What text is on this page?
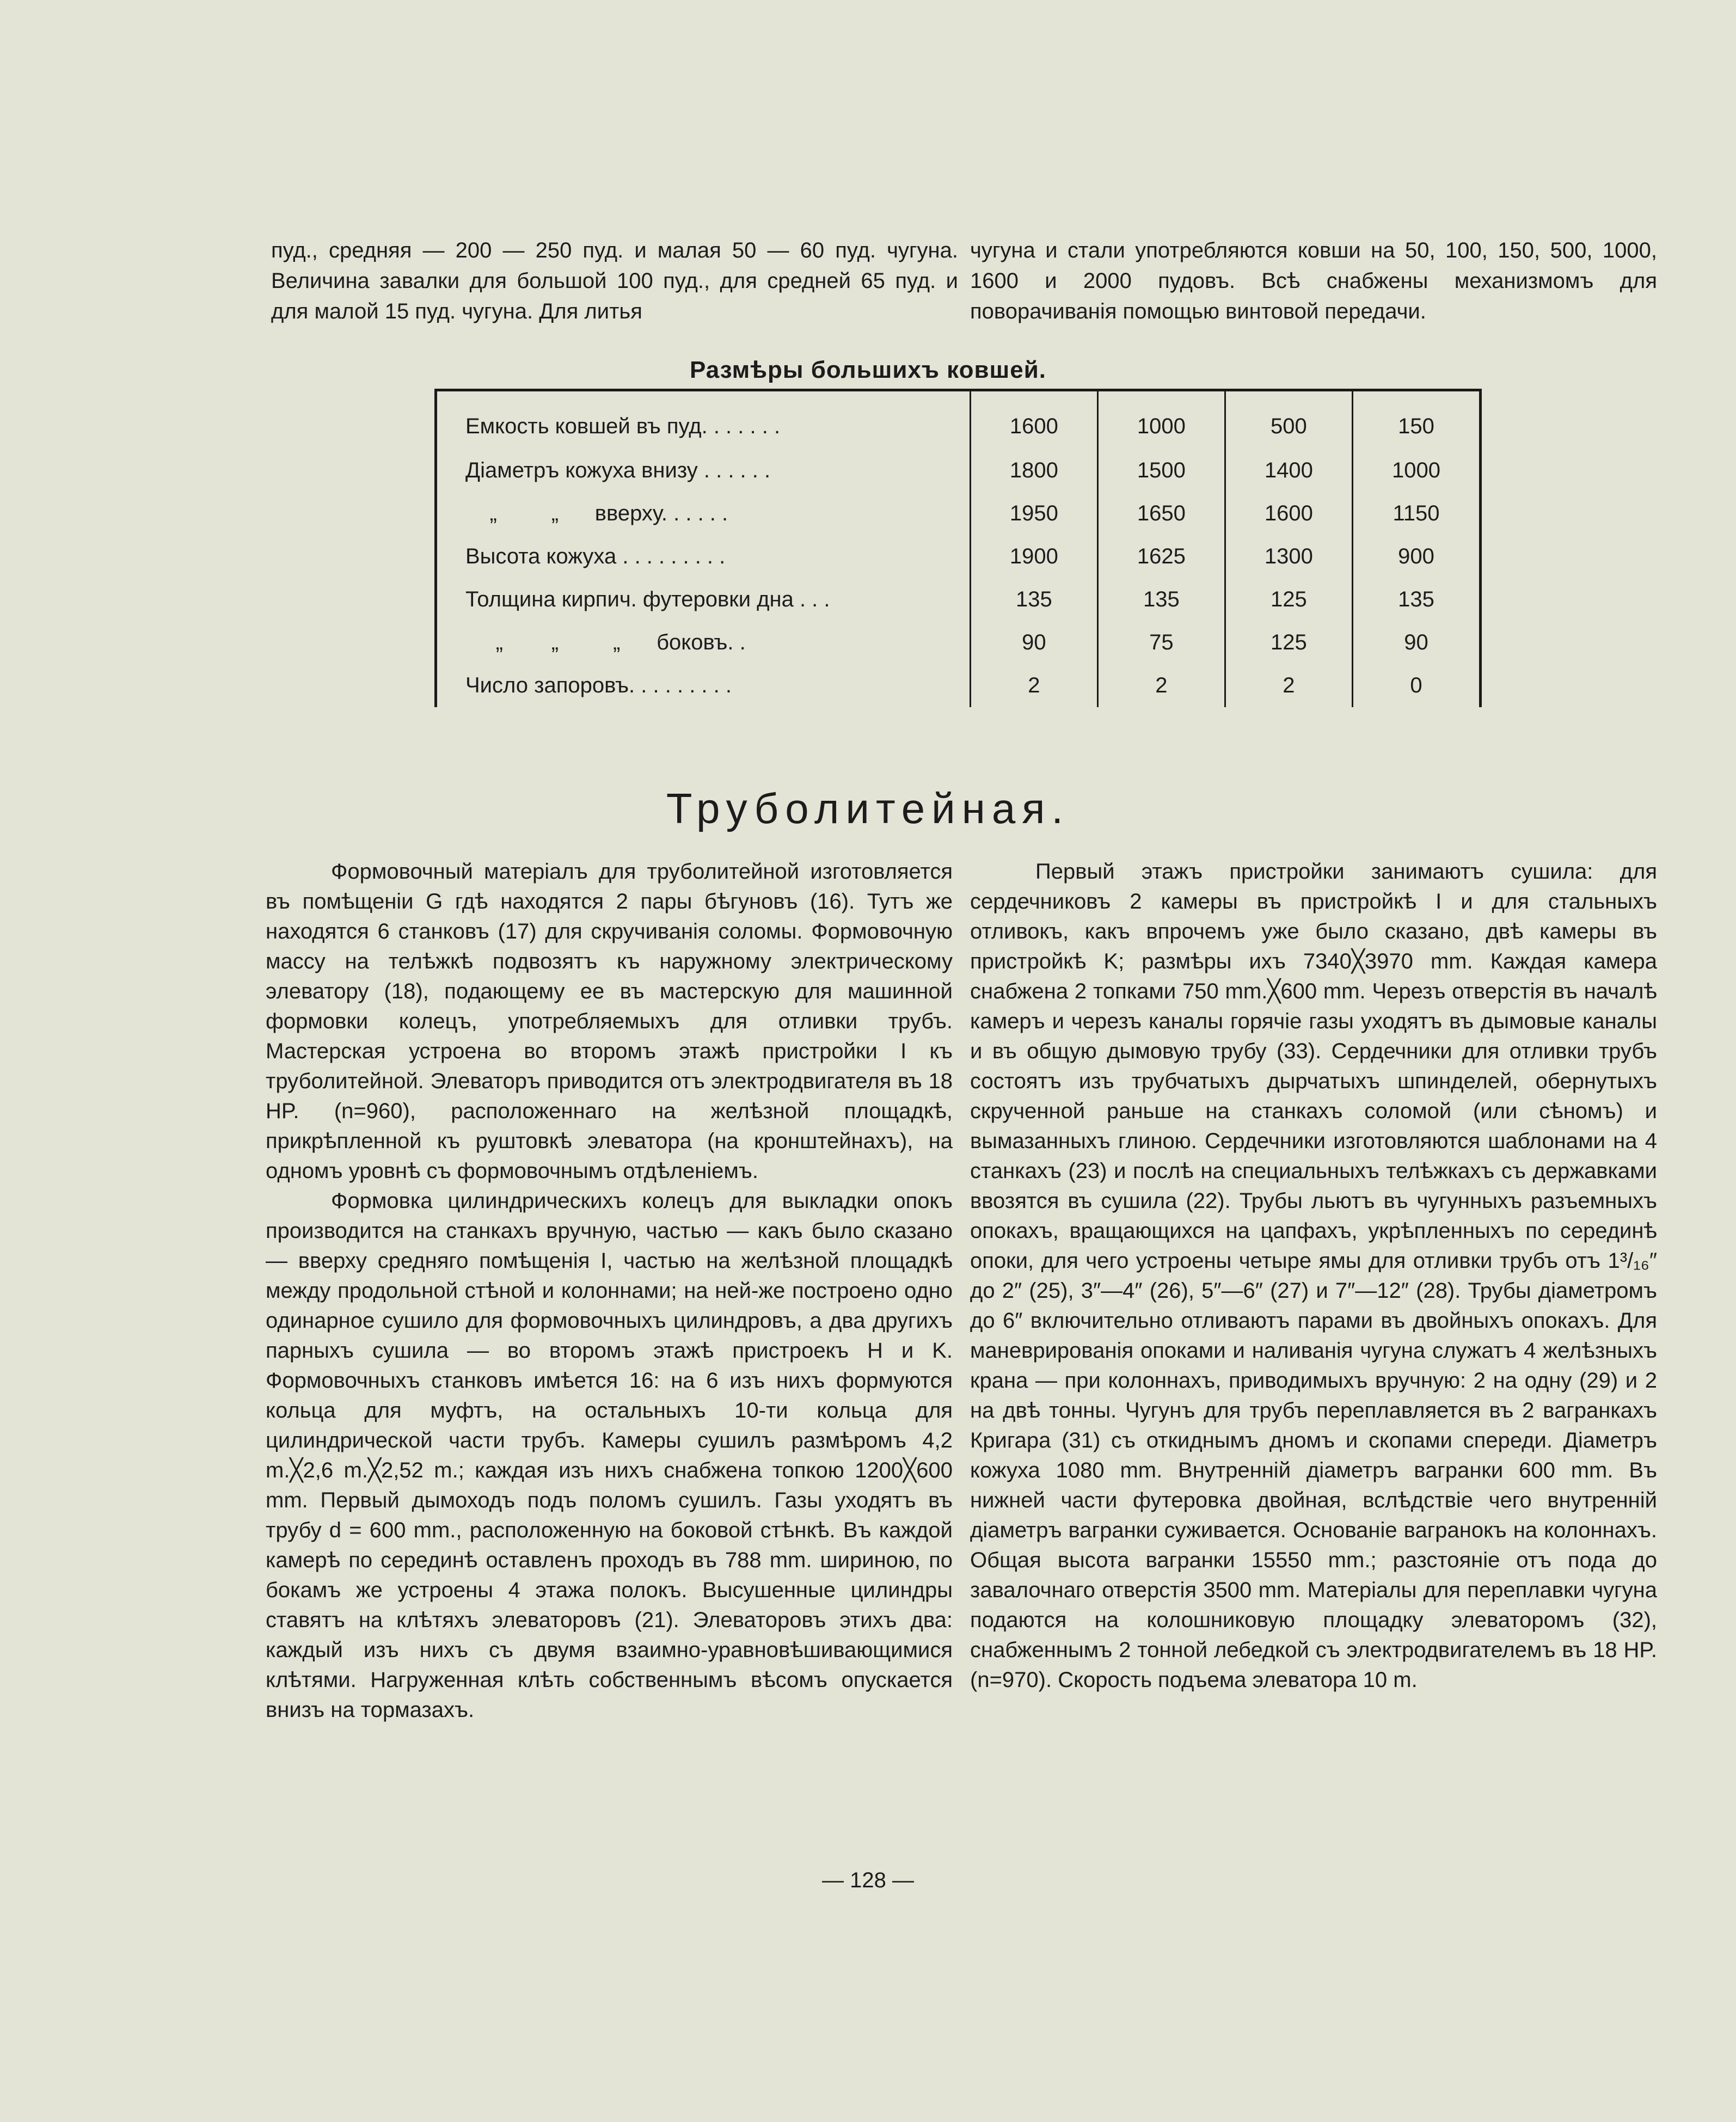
пуд., средняя — 200 — 250 пуд. и малая 50 — 60 пуд. чугуна. Величина завалки для большой 100 пуд., для средней 65 пуд. и для малой 15 пуд. чугуна. Для литья

чугуна и стали употребляются ковши на 50, 100, 150, 500, 1000, 1600 и 2000 пудовъ. Всѣ снабжены механизмомъ для поворачиванія помощью винтовой передачи.

Размѣры большихъ ковшей.
Емкость ковшей въ пуд. . . . . . .	1600	1000	500	150
Діаметръ кожуха внизу . . . . . .	1800	1500	1400	1000
„         „      вверху. . . . . .	1950	1650	1600	1150
Высота кожуха . . . . . . . . .	1900	1625	1300	900
Толщина кирпич. футеровки дна . . .	135	135	125	135
„        „         „      боковъ. .	90	75	125	90
Число запоровъ. . . . . . . . .	2	2	2	0
Труболитейная.

Формовочный матеріалъ для труболитейной изготовляется въ помѣщеніи G гдѣ находятся 2 пары бѣгуновъ (16). Тутъ же находятся 6 станковъ (17) для скручиванія соломы. Формовочную массу на телѣжкѣ подвозятъ къ наружному электрическому элеватору (18), подающему ее въ мастерскую для машинной формовки колецъ, употребляемыхъ для отливки трубъ. Мастерская устроена во второмъ этажѣ пристройки I къ труболитейной. Элеваторъ приводится отъ электродвигателя въ 18 HP. (n=960), расположеннаго на желѣзной площадкѣ, прикрѣпленной къ руштовкѣ элеватора (на кронштейнахъ), на одномъ уровнѣ съ формовочнымъ отдѣленіемъ.

Формовка цилиндрическихъ колецъ для выкладки опокъ производится на станкахъ вручную, частью — какъ было сказано — вверху средняго помѣщенія I, частью на желѣзной площадкѣ между продольной стѣной и колоннами; на ней-же построено одно одинарное сушило для формовочныхъ цилиндровъ, а два другихъ парныхъ сушила — во второмъ этажѣ пристроекъ H и K. Формовочныхъ станковъ имѣется 16: на 6 изъ нихъ формуются кольца для муфтъ, на остальныхъ 10-ти кольца для цилиндрической части трубъ. Камеры сушилъ размѣромъ 4,2 m.╳2,6 m.╳2,52 m.; каждая изъ нихъ снабжена топкою 1200╳600 mm. Первый дымоходъ подъ поломъ сушилъ. Газы уходятъ въ трубу d = 600 mm., расположенную на боковой стѣнкѣ. Въ каждой камерѣ по серединѣ оставленъ проходъ въ 788 mm. шириною, по бокамъ же устроены 4 этажа полокъ. Высушенные цилиндры ставятъ на клѣтяхъ элеваторовъ (21). Элеваторовъ этихъ два: каждый изъ нихъ съ двумя взаимно-уравновѣшивающимися клѣтями. Нагруженная клѣть собственнымъ вѣсомъ опускается внизъ на тормазахъ.

Первый этажъ пристройки занимаютъ сушила: для сердечниковъ 2 камеры въ пристройкѣ I и для стальныхъ отливокъ, какъ впрочемъ уже было сказано, двѣ камеры въ пристройкѣ K; размѣры ихъ 7340╳3970 mm. Каждая камера снабжена 2 топками 750 mm.╳600 mm. Черезъ отверстія въ началѣ камеръ и черезъ каналы горячіе газы уходятъ въ дымовые каналы и въ общую дымовую трубу (33). Сердечники для отливки трубъ состоятъ изъ трубчатыхъ дырчатыхъ шпинделей, обернутыхъ скрученной раньше на станкахъ соломой (или сѣномъ) и вымазанныхъ глиною. Сердечники изготовляются шаблонами на 4 станкахъ (23) и послѣ на специальныхъ телѣжкахъ съ державками ввозятся въ сушила (22). Трубы льютъ въ чугунныхъ разъемныхъ опокахъ, вращающихся на цапфахъ, укрѣпленныхъ по серединѣ опоки, для чего устроены четыре ямы для отливки трубъ отъ 1³/₁₆″ до 2″ (25), 3″—4″ (26), 5″—6″ (27) и 7″—12″ (28). Трубы діаметромъ до 6″ включительно отливаютъ парами въ двойныхъ опокахъ. Для маневрированія опоками и наливанія чугуна служатъ 4 желѣзныхъ крана — при колоннахъ, приводимыхъ вручную: 2 на одну (29) и 2 на двѣ тонны. Чугунъ для трубъ переплавляется въ 2 вагранкахъ Кригара (31) съ откиднымъ дномъ и скопами спереди. Діаметръ кожуха 1080 mm. Внутренній діаметръ вагранки 600 mm. Въ нижней части футеровка двойная, вслѣдствіе чего внутренній діаметръ вагранки суживается. Основаніе вагранокъ на колоннахъ. Общая высота вагранки 15550 mm.; разстояніе отъ пода до завалочнаго отверстія 3500 mm. Матеріалы для переплавки чугуна подаются на колошниковую площадку элеваторомъ (32), снабженнымъ 2 тонной лебедкой съ электродвигателемъ въ 18 HP. (n=970). Скорость подъема элеватора 10 m.

— 128 —
